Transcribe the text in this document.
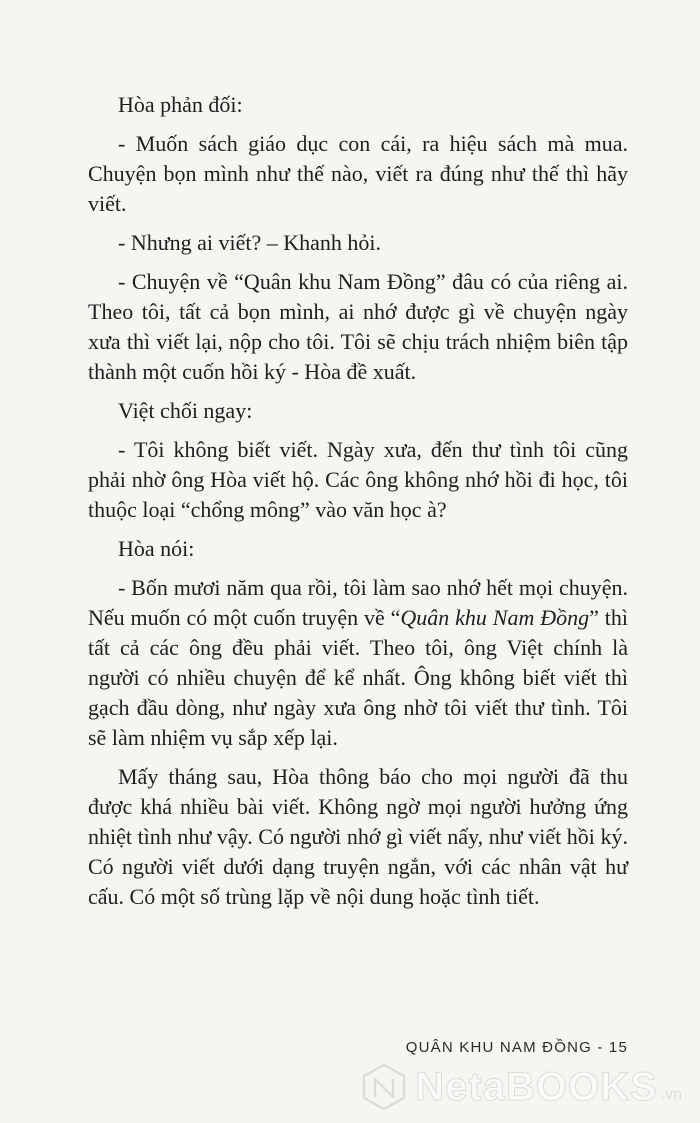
Hòa phản đối:

- Muốn sách giáo dục con cái, ra hiệu sách mà mua. Chuyện bọn mình như thế nào, viết ra đúng như thế thì hãy viết.

- Nhưng ai viết? – Khanh hỏi.

- Chuyện về “Quân khu Nam Đồng” đâu có của riêng ai. Theo tôi, tất cả bọn mình, ai nhớ được gì về chuyện ngày xưa thì viết lại, nộp cho tôi. Tôi sẽ chịu trách nhiệm biên tập thành một cuốn hồi ký - Hòa đề xuất.

Việt chối ngay:

- Tôi không biết viết. Ngày xưa, đến thư tình tôi cũng phải nhờ ông Hòa viết hộ. Các ông không nhớ hồi đi học, tôi thuộc loại “chổng mông” vào văn học à?

Hòa nói:

- Bốn mươi năm qua rồi, tôi làm sao nhớ hết mọi chuyện. Nếu muốn có một cuốn truyện về “Quân khu Nam Đồng” thì tất cả các ông đều phải viết. Theo tôi, ông Việt chính là người có nhiều chuyện để kể nhất. Ông không biết viết thì gạch đầu dòng, như ngày xưa ông nhờ tôi viết thư tình. Tôi sẽ làm nhiệm vụ sắp xếp lại.

Mấy tháng sau, Hòa thông báo cho mọi người đã thu được khá nhiều bài viết. Không ngờ mọi người hưởng ứng nhiệt tình như vậy. Có người nhớ gì viết nấy, như viết hồi ký. Có người viết dưới dạng truyện ngắn, với các nhân vật hư cấu. Có một số trùng lặp về nội dung hoặc tình tiết.

QUÂN KHU NAM ĐỒNG - 15
NetaBOOKS .vn
